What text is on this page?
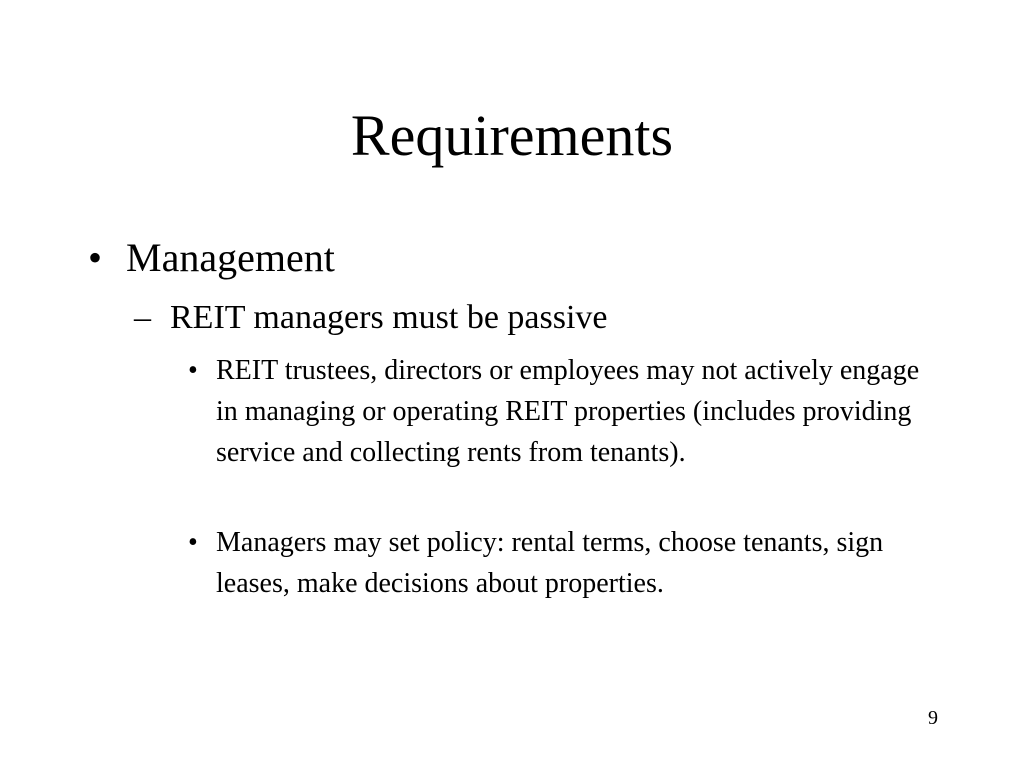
Requirements
• Management
– REIT managers must be passive
• REIT trustees, directors or employees may not actively engage in managing or operating REIT properties (includes providing service and collecting rents from tenants).
• Managers may set policy: rental terms, choose tenants, sign leases, make decisions about properties.
9
